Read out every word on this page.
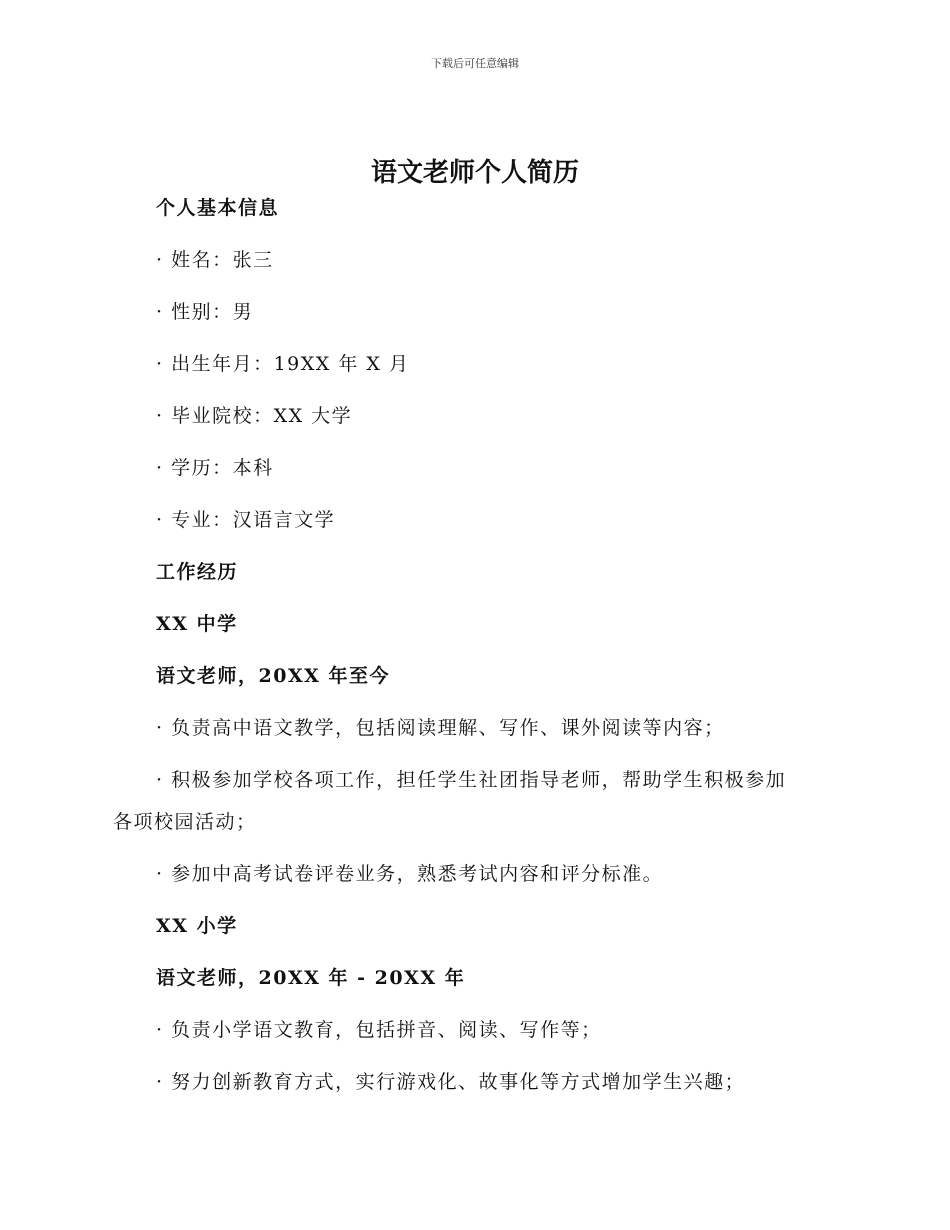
下载后可任意编辑
语文老师个人简历
个人基本信息
· 姓名：张三
· 性别：男
· 出生年月：19XX 年 X 月
· 毕业院校：XX 大学
· 学历：本科
· 专业：汉语言文学
工作经历
XX 中学
语文老师，20XX 年至今
· 负责高中语文教学，包括阅读理解、写作、课外阅读等内容；
· 积极参加学校各项工作，担任学生社团指导老师，帮助学生积极参加
各项校园活动；
· 参加中高考试卷评卷业务，熟悉考试内容和评分标准。
XX 小学
语文老师，20XX 年 - 20XX 年
· 负责小学语文教育，包括拼音、阅读、写作等；
· 努力创新教育方式，实行游戏化、故事化等方式增加学生兴趣；
